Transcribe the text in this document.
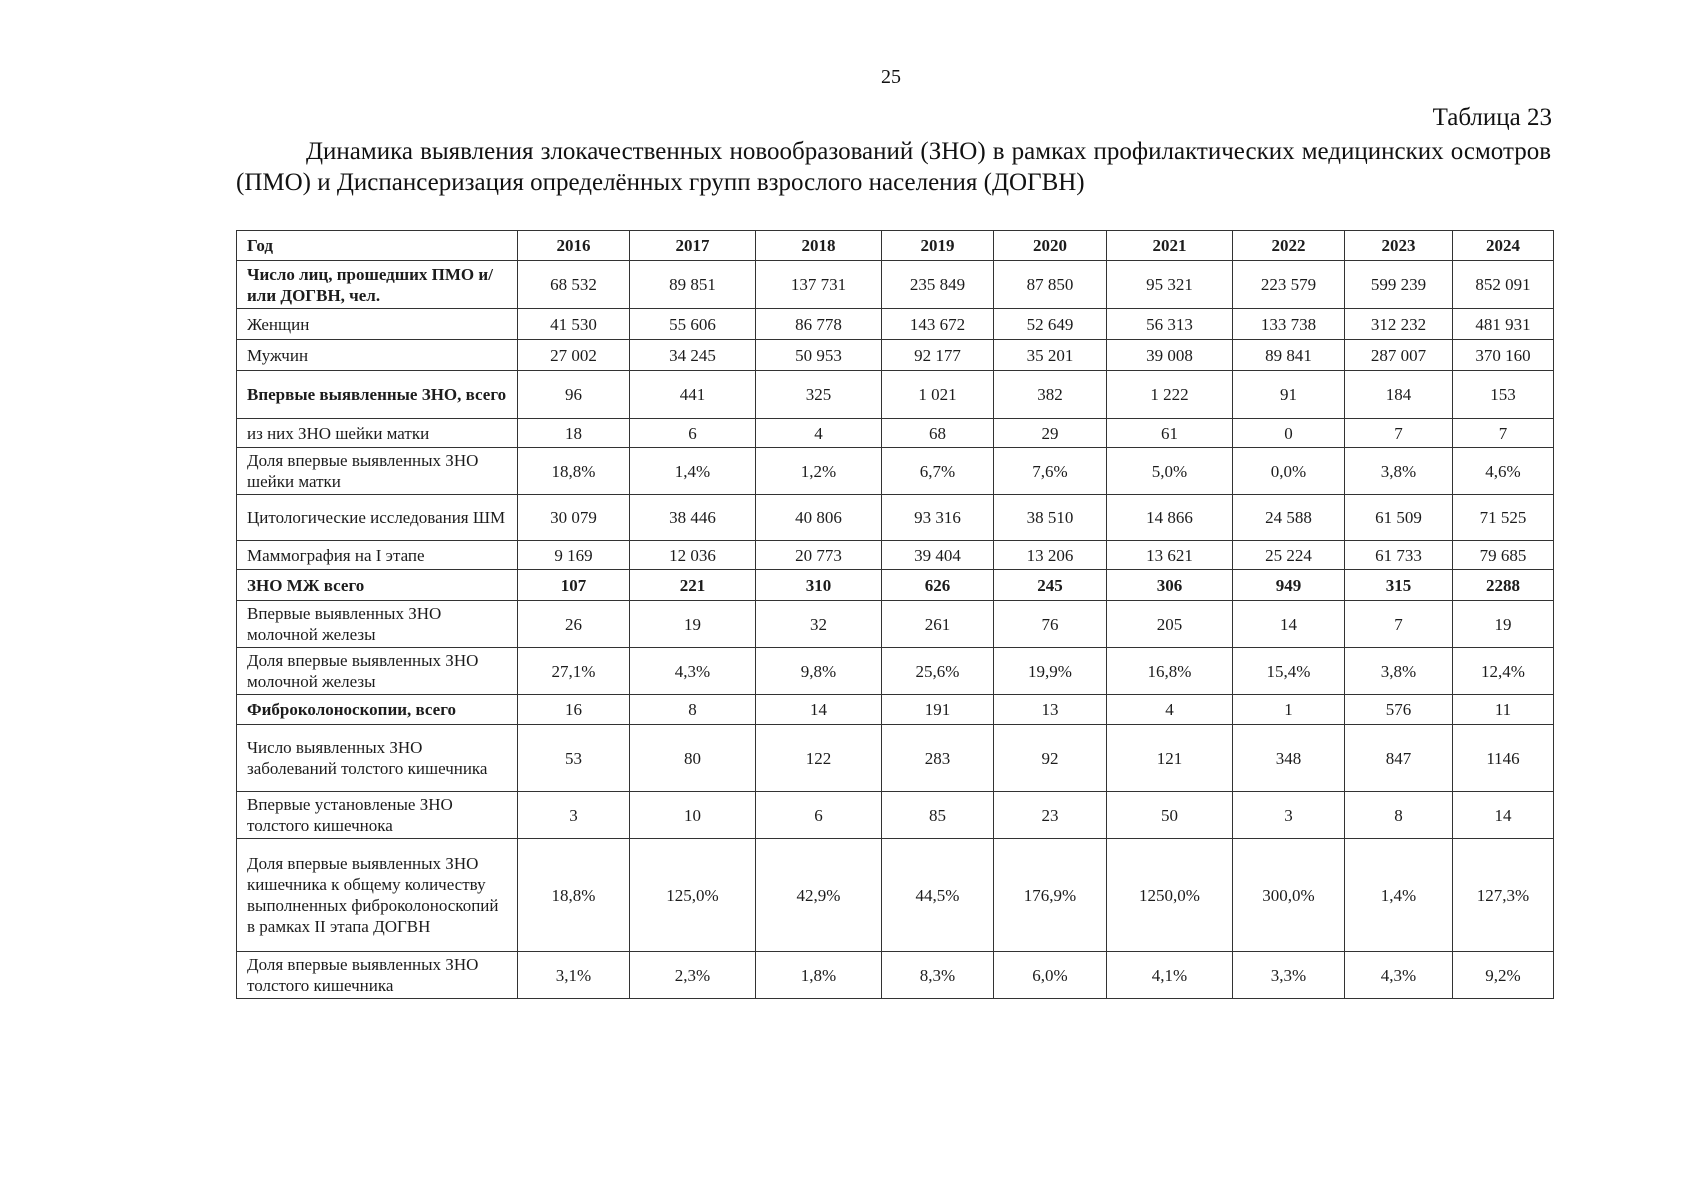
25
Таблица 23
Динамика выявления злокачественных новообразований (ЗНО) в рамках профилактических медицинских осмотров (ПМО) и Диспансеризация определённых групп взрослого населения (ДОГВН)
Год	2016	2017	2018	2019	2020	2021	2022	2023	2024
Число лиц, прошедших ПМО и/или ДОГВН, чел.	68 532	89 851	137 731	235 849	87 850	95 321	223 579	599 239	852 091
Женщин	41 530	55 606	86 778	143 672	52 649	56 313	133 738	312 232	481 931
Мужчин	27 002	34 245	50 953	92 177	35 201	39 008	89 841	287 007	370 160
Впервые выявленные ЗНО, всего	96	441	325	1 021	382	1 222	91	184	153
из них ЗНО шейки матки	18	6	4	68	29	61	0	7	7
Доля впервые выявленных ЗНО шейки матки	18,8%	1,4%	1,2%	6,7%	7,6%	5,0%	0,0%	3,8%	4,6%
Цитологические исследования ШМ	30 079	38 446	40 806	93 316	38 510	14 866	24 588	61 509	71 525
Маммография на I этапе	9 169	12 036	20 773	39 404	13 206	13 621	25 224	61 733	79 685
ЗНО МЖ всего	107	221	310	626	245	306	949	315	2288
Впервые выявленных ЗНО молочной железы	26	19	32	261	76	205	14	7	19
Доля впервые выявленных ЗНО молочной железы	27,1%	4,3%	9,8%	25,6%	19,9%	16,8%	15,4%	3,8%	12,4%
Фиброколоноскопии, всего	16	8	14	191	13	4	1	576	11
Число выявленных ЗНО заболеваний толстого кишечника	53	80	122	283	92	121	348	847	1146
Впервые установленые ЗНО толстого кишечнока	3	10	6	85	23	50	3	8	14
Доля впервые выявленных ЗНО кишечника к общему количеству выполненных фиброколоноскопий в рамках II этапа ДОГВН	18,8%	125,0%	42,9%	44,5%	176,9%	1250,0%	300,0%	1,4%	127,3%
Доля впервые выявленных ЗНО толстого кишечника	3,1%	2,3%	1,8%	8,3%	6,0%	4,1%	3,3%	4,3%	9,2%
